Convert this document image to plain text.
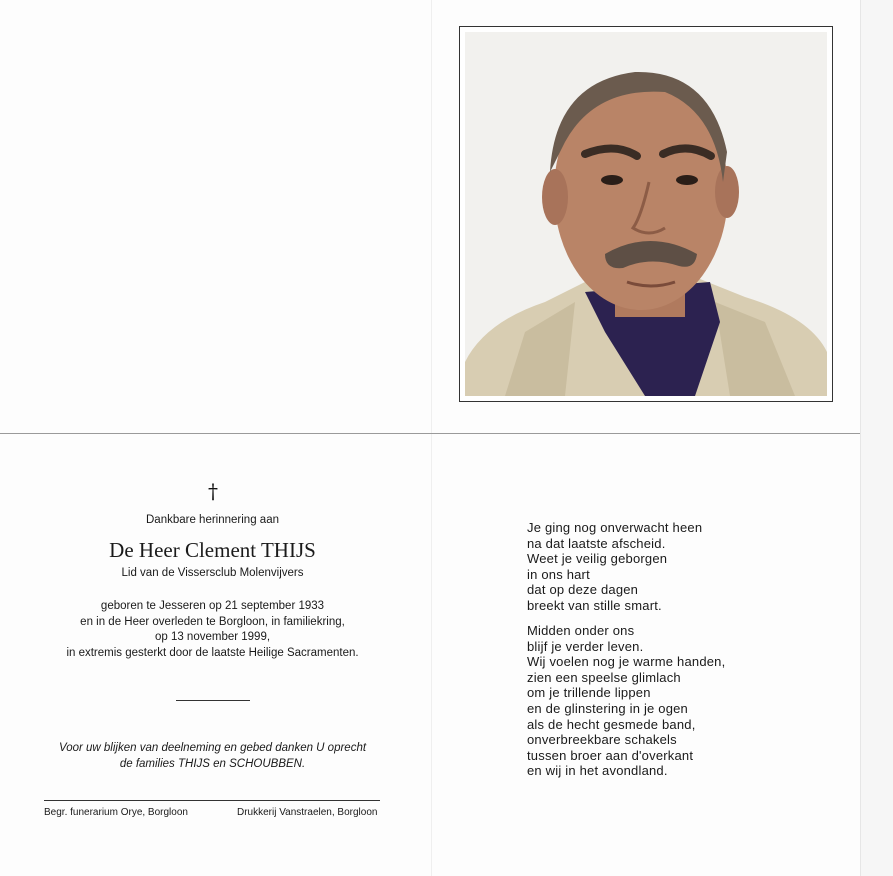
†
Dankbare herinnering aan
De Heer Clement THIJS
Lid van de Vissersclub Molenvijvers
geboren te Jesseren op 21 september 1933
en in de Heer overleden te Borgloon, in familiekring,
op 13 november 1999,
in extremis gesterkt door de laatste Heilige Sacramenten.
Voor uw blijken van deelneming en gebed danken U oprecht
de families THIJS en SCHOUBBEN.
Begr. funerarium Orye, Borgloon	Drukkerij Vanstraelen, Borgloon
Je ging nog onverwacht heen
na dat laatste afscheid.
Weet je veilig geborgen
in ons hart
dat op deze dagen
breekt van stille smart.
Midden onder ons
blijf je verder leven.
Wij voelen nog je warme handen,
zien een speelse glimlach
om je trillende lippen
en de glinstering in je ogen
als de hecht gesmede band,
onverbreekbare schakels
tussen broer aan d'overkant
en wij in het avondland.
